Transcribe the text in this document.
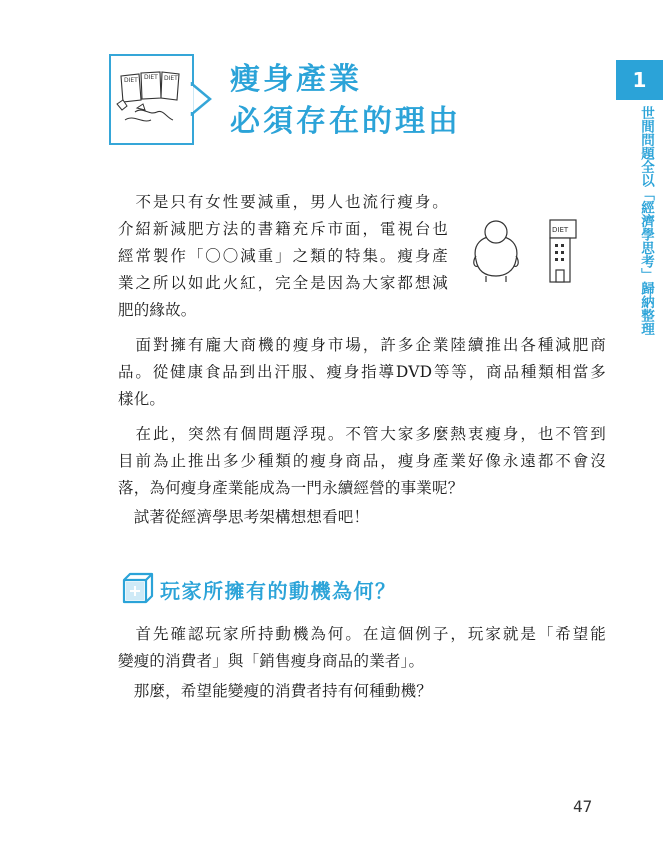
DIET DIET DIET 瘦身產業
必須存在的理由
1
世間問題全以「經濟學思考」歸納整理
DIET
　不是只有女性要減重，男人也流行瘦身。
介紹新減肥方法的書籍充斥市面，電視台也
經常製作「〇〇減重」之類的特集。瘦身產
業之所以如此火紅，完全是因為大家都想減
肥的緣故。
　面對擁有龐大商機的瘦身市場，許多企業陸續推出各種減肥商
品。從健康食品到出汗服、瘦身指導DVD等等，商品種類相當多
樣化。
　在此，突然有個問題浮現。不管大家多麼熱衷瘦身，也不管到
目前為止推出多少種類的瘦身商品，瘦身產業好像永遠都不會沒
落，為何瘦身產業能成為一門永續經營的事業呢？
　試著從經濟學思考架構想想看吧！
玩家所擁有的動機為何？
　首先確認玩家所持動機為何。在這個例子，玩家就是「希望能
變瘦的消費者」與「銷售瘦身商品的業者」。
　那麼，希望能變瘦的消費者持有何種動機？
47
